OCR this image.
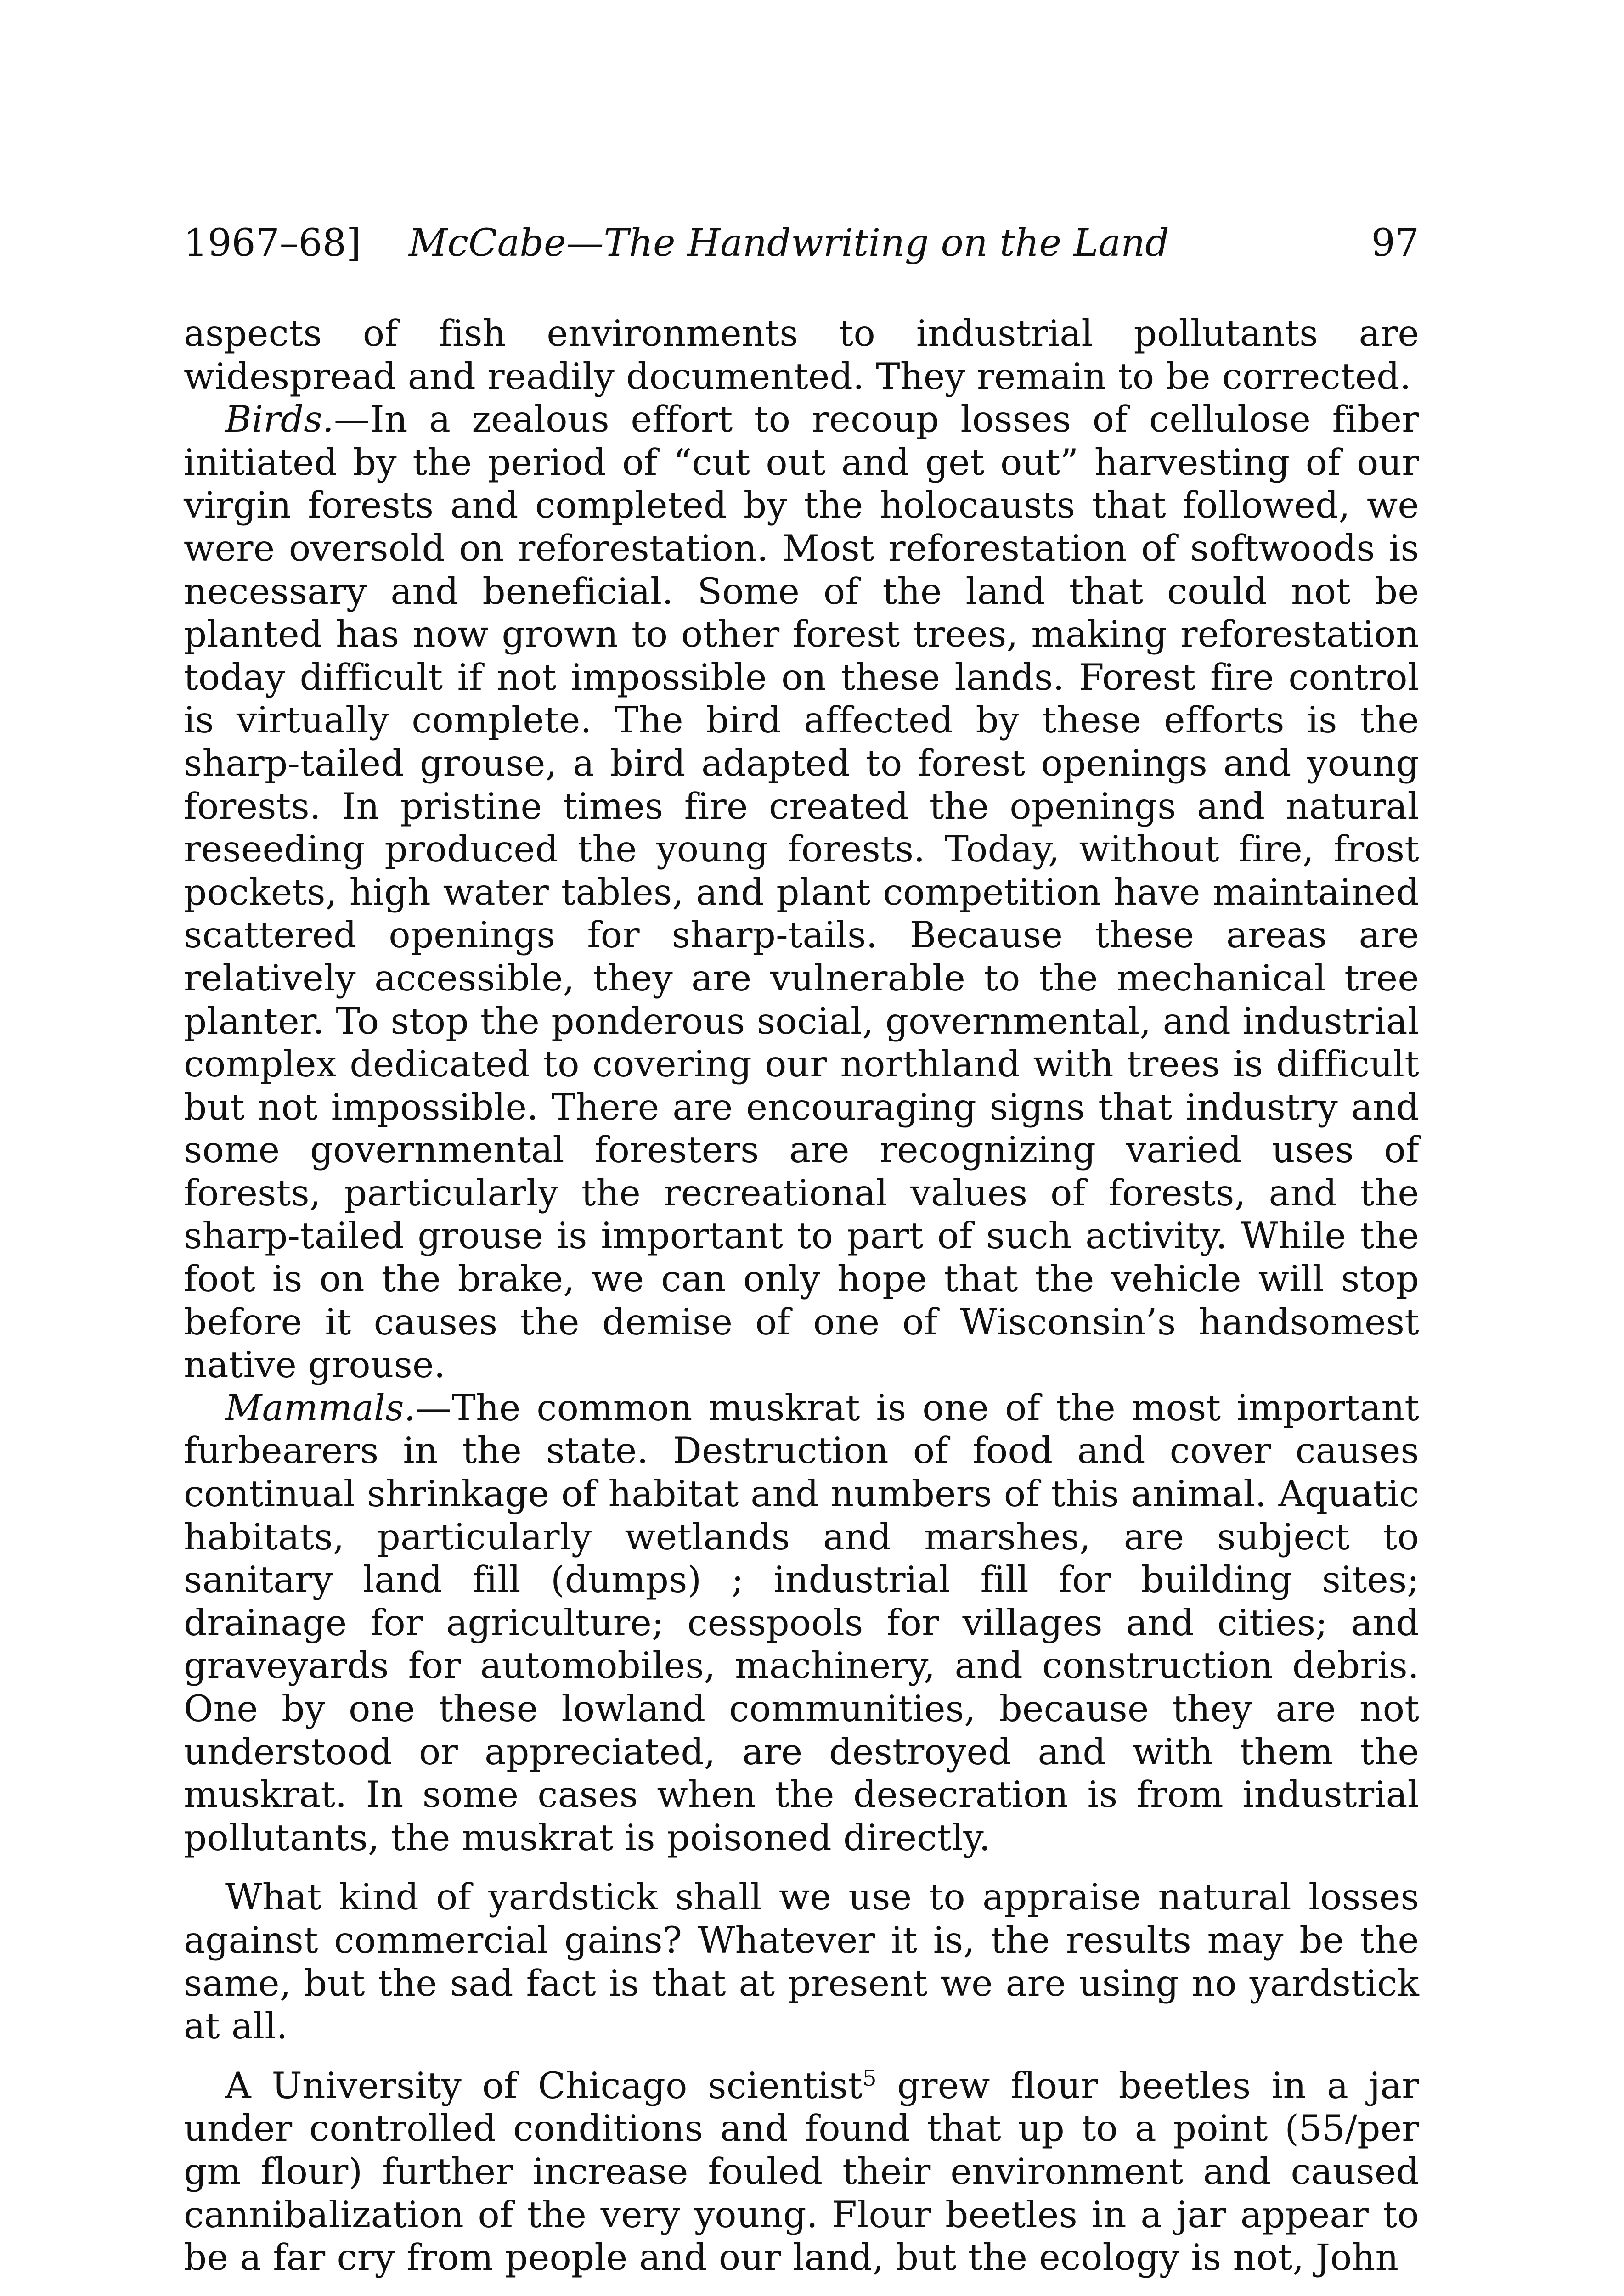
1967–68] McCabe—The Handwriting on the Land	97

aspects of fish environments to industrial pollutants are widespread and readily documented. They remain to be corrected.

Birds.—In a zealous effort to recoup losses of cellulose fiber initiated by the period of “cut out and get out” harvesting of our virgin forests and completed by the holocausts that followed, we were oversold on reforestation. Most reforestation of softwoods is necessary and beneficial. Some of the land that could not be planted has now grown to other forest trees, making reforestation today difficult if not impossible on these lands. Forest fire control is virtually complete. The bird affected by these efforts is the sharp-tailed grouse, a bird adapted to forest openings and young forests. In pristine times fire created the openings and natural reseeding produced the young forests. Today, without fire, frost pockets, high water tables, and plant competition have maintained scattered openings for sharp-tails. Because these areas are relatively accessible, they are vulnerable to the mechanical tree planter. To stop the ponderous social, governmental, and industrial complex dedicated to covering our northland with trees is difficult but not impossible. There are encouraging signs that industry and some governmental foresters are recognizing varied uses of forests, particularly the recreational values of forests, and the sharp-tailed grouse is important to part of such activity. While the foot is on the brake, we can only hope that the vehicle will stop before it causes the demise of one of Wisconsin’s handsomest native grouse.

Mammals.—The common muskrat is one of the most important furbearers in the state. Destruction of food and cover causes continual shrinkage of habitat and numbers of this animal. Aquatic habitats, particularly wetlands and marshes, are subject to sanitary land fill (dumps) ; industrial fill for building sites; drainage for agriculture; cesspools for villages and cities; and graveyards for automobiles, machinery, and construction debris. One by one these lowland communities, because they are not understood or appreciated, are destroyed and with them the muskrat. In some cases when the desecration is from industrial pollutants, the muskrat is poisoned directly.

What kind of yardstick shall we use to appraise natural losses against commercial gains? Whatever it is, the results may be the same, but the sad fact is that at present we are using no yardstick at all.

A University of Chicago scientist$^5$ grew flour beetles in a jar under controlled conditions and found that up to a point (55/per gm flour) further increase fouled their environment and caused cannibalization of the very young. Flour beetles in a jar appear to be a far cry from people and our land, but the ecology is not, John
